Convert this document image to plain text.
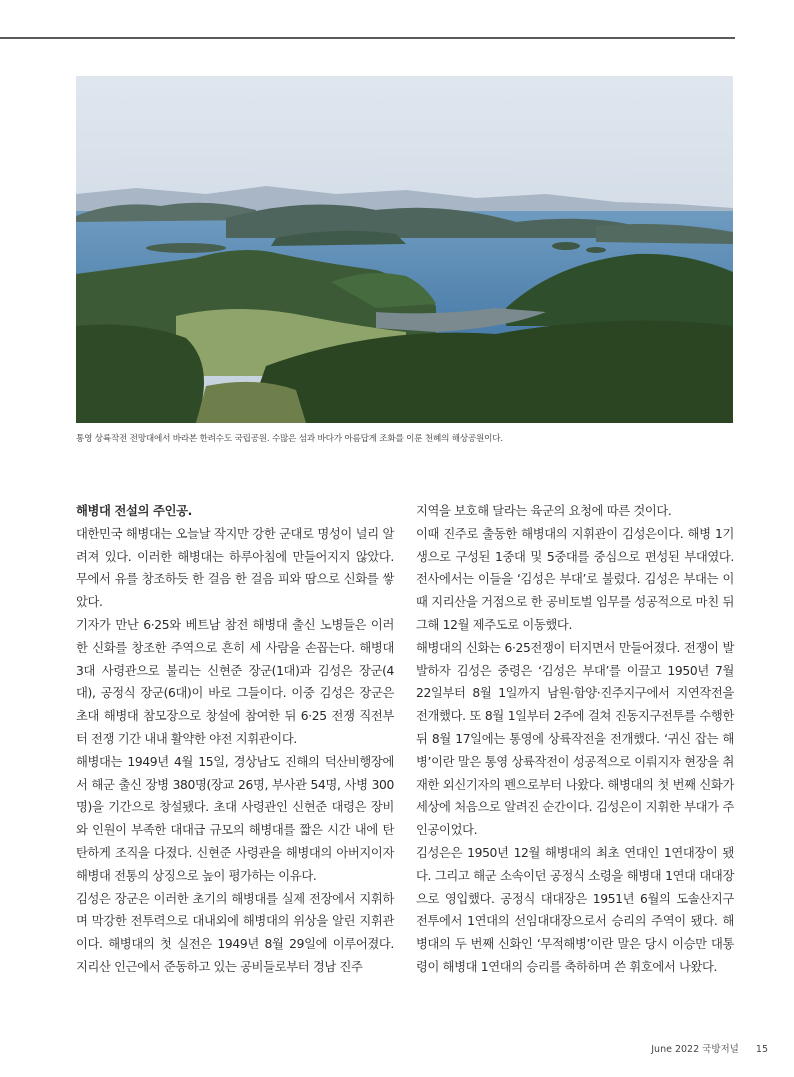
통영 상륙작전 전망대에서 바라본 한려수도 국립공원. 수많은 섬과 바다가 아름답게 조화를 이룬 천혜의 해상공원이다.

해병대 전설의 주인공.

대한민국 해병대는 오늘날 작지만 강한 군대로 명성이 널리 알려져 있다. 이러한 해병대는 하루아침에 만들어지지 않았다. 무에서 유를 창조하듯 한 걸음 한 걸음 피와 땀으로 신화를 쌓았다.

기자가 만난 6·25와 베트남 참전 해병대 출신 노병들은 이러한 신화를 창조한 주역으로 흔히 세 사람을 손꼽는다. 해병대 3대 사령관으로 불리는 신현준 장군(1대)과 김성은 장군(4대), 공정식 장군(6대)이 바로 그들이다. 이중 김성은 장군은 초대 해병대 참모장으로 창설에 참여한 뒤 6·25 전쟁 직전부터 전쟁 기간 내내 활약한 야전 지휘관이다.

해병대는 1949년 4월 15일, 경상남도 진해의 덕산비행장에서 해군 출신 장병 380명(장교 26명, 부사관 54명, 사병 300명)을 기간으로 창설됐다. 초대 사령관인 신현준 대령은 장비와 인원이 부족한 대대급 규모의 해병대를 짧은 시간 내에 탄탄하게 조직을 다졌다. 신현준 사령관을 해병대의 아버지이자 해병대 전통의 상징으로 높이 평가하는 이유다.

김성은 장군은 이러한 초기의 해병대를 실제 전장에서 지휘하며 막강한 전투력으로 대내외에 해병대의 위상을 알린 지휘관이다. 해병대의 첫 실전은 1949년 8월 29일에 이루어졌다. 지리산 인근에서 준동하고 있는 공비들로부터 경남 진주

지역을 보호해 달라는 육군의 요청에 따른 것이다.

이때 진주로 출동한 해병대의 지휘관이 김성은이다. 해병 1기생으로 구성된 1중대 및 5중대를 중심으로 편성된 부대였다. 전사에서는 이들을 ‘김성은 부대’로 불렀다. 김성은 부대는 이때 지리산을 거점으로 한 공비토벌 임무를 성공적으로 마친 뒤 그해 12월 제주도로 이동했다.

해병대의 신화는 6·25전쟁이 터지면서 만들어졌다. 전쟁이 발발하자 김성은 중령은 ‘김성은 부대’를 이끌고 1950년 7월 22일부터 8월 1일까지 남원·함양·진주지구에서 지연작전을 전개했다. 또 8월 1일부터 2주에 걸쳐 진동지구전투를 수행한 뒤 8월 17일에는 통영에 상륙작전을 전개했다. ‘귀신 잡는 해병’이란 말은 통영 상륙작전이 성공적으로 이뤄지자 현장을 취재한 외신기자의 펜으로부터 나왔다. 해병대의 첫 번째 신화가 세상에 처음으로 알려진 순간이다. 김성은이 지휘한 부대가 주인공이었다.

김성은은 1950년 12월 해병대의 최초 연대인 1연대장이 됐다. 그리고 해군 소속이던 공정식 소령을 해병대 1연대 대대장으로 영입했다. 공정식 대대장은 1951년 6월의 도솔산지구 전투에서 1연대의 선임대대장으로서 승리의 주역이 됐다. 해병대의 두 번째 신화인 ‘무적해병’이란 말은 당시 이승만 대통령이 해병대 1연대의 승리를 축하하며 쓴 휘호에서 나왔다.

June 2022 국방저널 15
